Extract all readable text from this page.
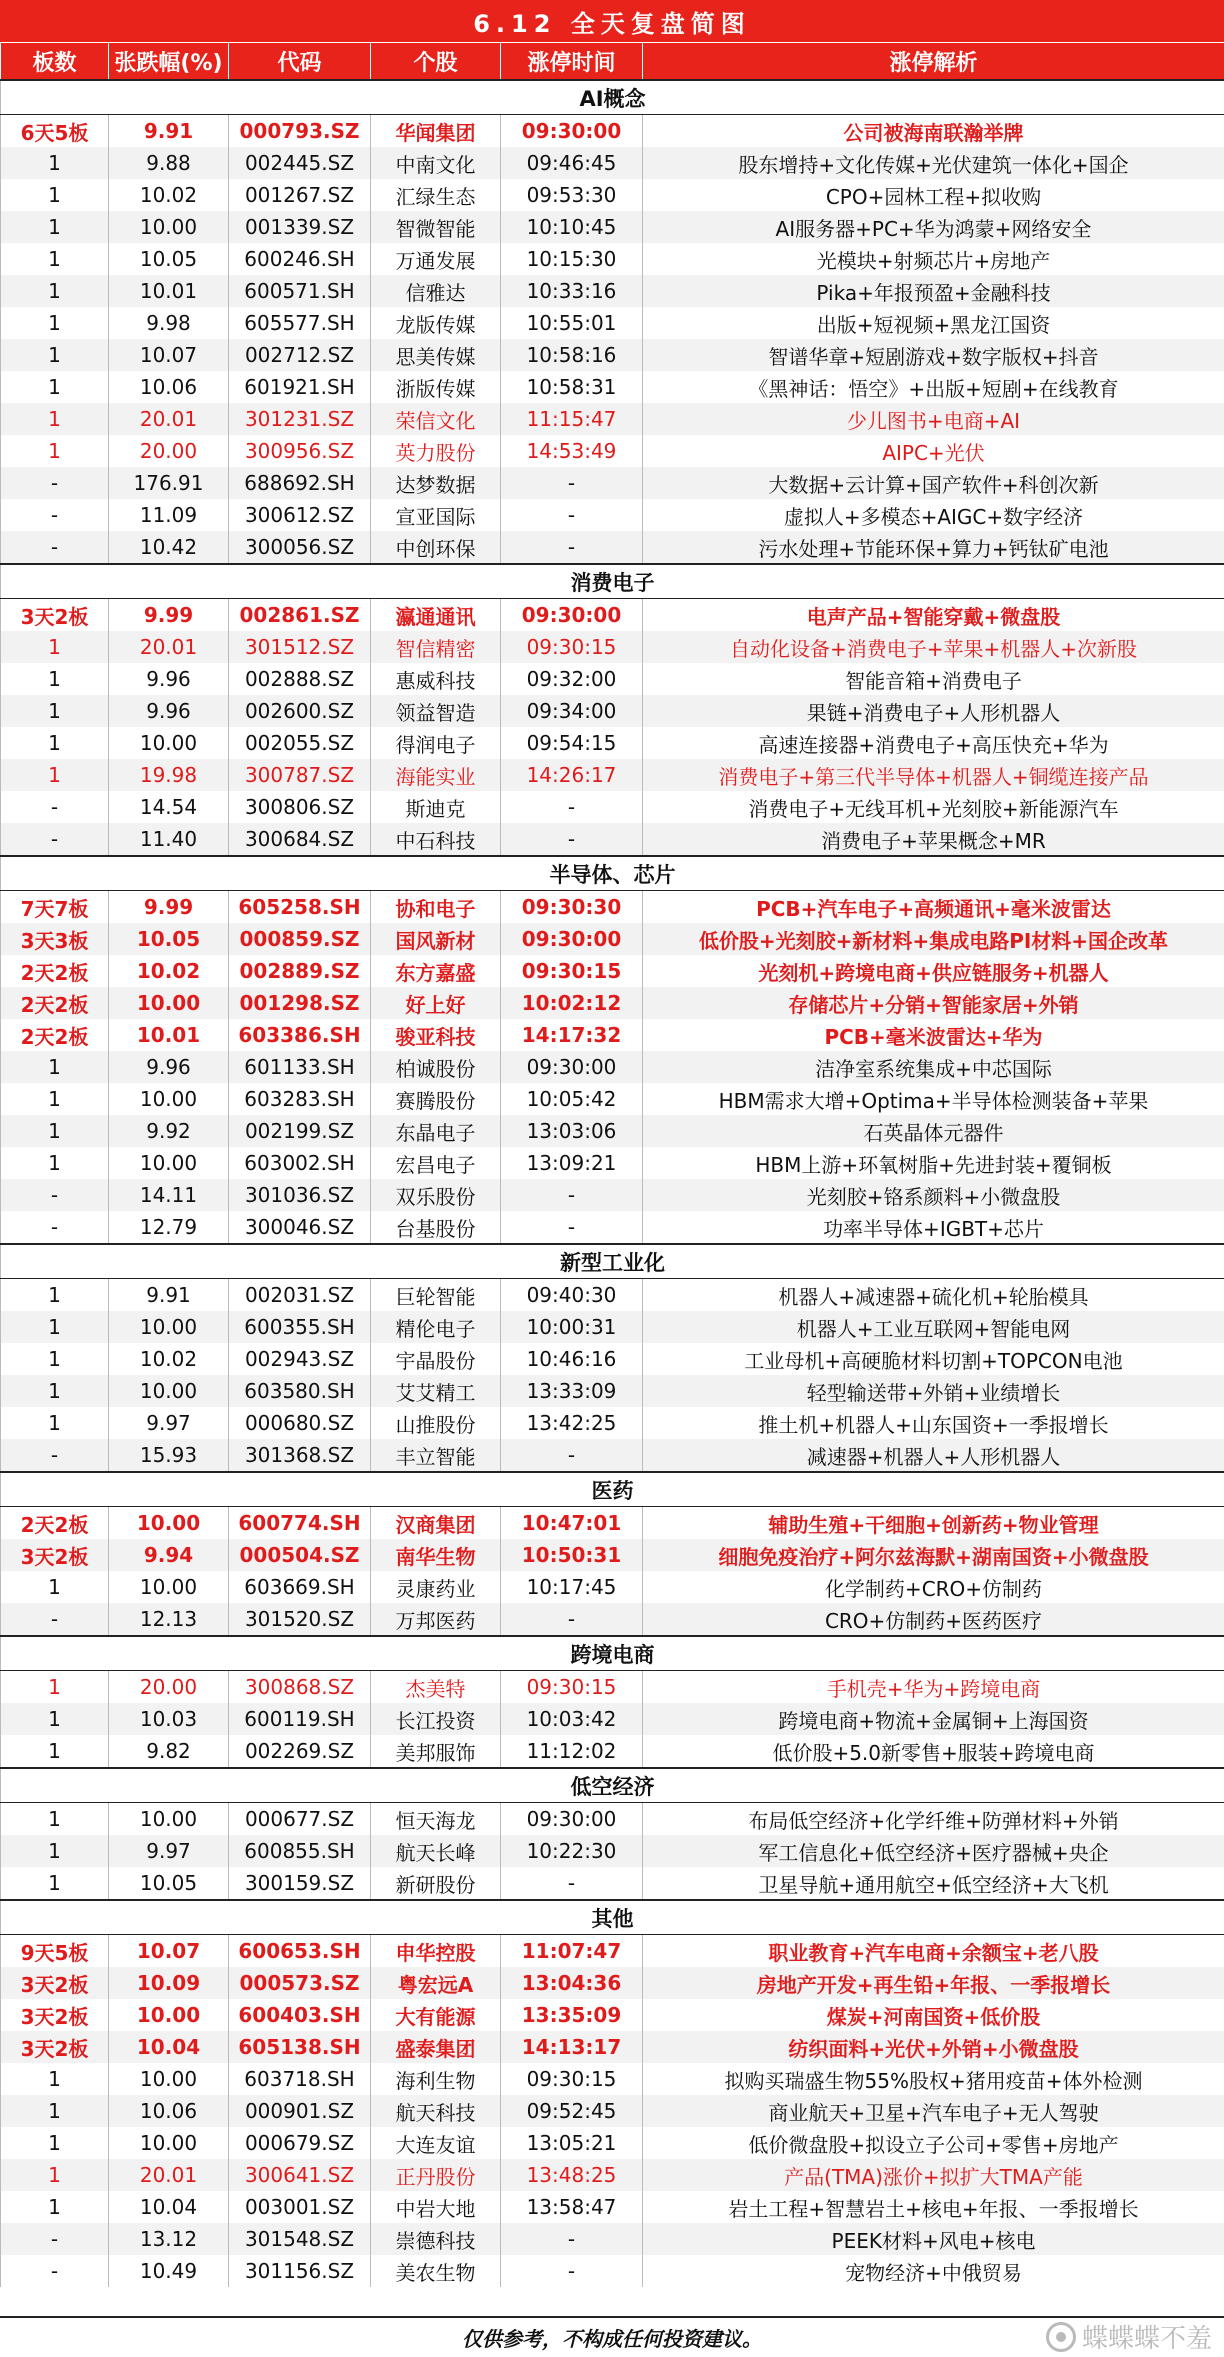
6.12 全天复盘简图
板数	张跌幅(%)	代码	个股	涨停时间	涨停解析
AI概念					
6天5板	9.91	000793.SZ	华闻集团	09:30:00	公司被海南联瀚举牌
1	9.88	002445.SZ	中南文化	09:46:45	股东增持+文化传媒+光伏建筑一体化+国企
1	10.02	001267.SZ	汇绿生态	09:53:30	CPO+园林工程+拟收购
1	10.00	001339.SZ	智微智能	10:10:45	AI服务器+PC+华为鸿蒙+网络安全
1	10.05	600246.SH	万通发展	10:15:30	光模块+射频芯片+房地产
1	10.01	600571.SH	信雅达	10:33:16	Pika+年报预盈+金融科技
1	9.98	605577.SH	龙版传媒	10:55:01	出版+短视频+黑龙江国资
1	10.07	002712.SZ	思美传媒	10:58:16	智谱华章+短剧游戏+数字版权+抖音
1	10.06	601921.SH	浙版传媒	10:58:31	《黑神话：悟空》+出版+短剧+在线教育
1	20.01	301231.SZ	荣信文化	11:15:47	少儿图书+电商+AI
1	20.00	300956.SZ	英力股份	14:53:49	AIPC+光伏
-	176.91	688692.SH	达梦数据	-	大数据+云计算+国产软件+科创次新
-	11.09	300612.SZ	宣亚国际	-	虚拟人+多模态+AIGC+数字经济
-	10.42	300056.SZ	中创环保	-	污水处理+节能环保+算力+钙钛矿电池
消费电子					
3天2板	9.99	002861.SZ	瀛通通讯	09:30:00	电声产品+智能穿戴+微盘股
1	20.01	301512.SZ	智信精密	09:30:15	自动化设备+消费电子+苹果+机器人+次新股
1	9.96	002888.SZ	惠威科技	09:32:00	智能音箱+消费电子
1	9.96	002600.SZ	领益智造	09:34:00	果链+消费电子+人形机器人
1	10.00	002055.SZ	得润电子	09:54:15	高速连接器+消费电子+高压快充+华为
1	19.98	300787.SZ	海能实业	14:26:17	消费电子+第三代半导体+机器人+铜缆连接产品
-	14.54	300806.SZ	斯迪克	-	消费电子+无线耳机+光刻胶+新能源汽车
-	11.40	300684.SZ	中石科技	-	消费电子+苹果概念+MR
半导体、芯片					
7天7板	9.99	605258.SH	协和电子	09:30:30	PCB+汽车电子+高频通讯+毫米波雷达
3天3板	10.05	000859.SZ	国风新材	09:30:00	低价股+光刻胶+新材料+集成电路PI材料+国企改革
2天2板	10.02	002889.SZ	东方嘉盛	09:30:15	光刻机+跨境电商+供应链服务+机器人
2天2板	10.00	001298.SZ	好上好	10:02:12	存储芯片+分销+智能家居+外销
2天2板	10.01	603386.SH	骏亚科技	14:17:32	PCB+毫米波雷达+华为
1	9.96	601133.SH	柏诚股份	09:30:00	洁净室系统集成+中芯国际
1	10.00	603283.SH	赛腾股份	10:05:42	HBM需求大增+Optima+半导体检测装备+苹果
1	9.92	002199.SZ	东晶电子	13:03:06	石英晶体元器件
1	10.00	603002.SH	宏昌电子	13:09:21	HBM上游+环氧树脂+先进封装+覆铜板
-	14.11	301036.SZ	双乐股份	-	光刻胶+铬系颜料+小微盘股
-	12.79	300046.SZ	台基股份	-	功率半导体+IGBT+芯片
新型工业化					
1	9.91	002031.SZ	巨轮智能	09:40:30	机器人+减速器+硫化机+轮胎模具
1	10.00	600355.SH	精伦电子	10:00:31	机器人+工业互联网+智能电网
1	10.02	002943.SZ	宇晶股份	10:46:16	工业母机+高硬脆材料切割+TOPCON电池
1	10.00	603580.SH	艾艾精工	13:33:09	轻型输送带+外销+业绩增长
1	9.97	000680.SZ	山推股份	13:42:25	推土机+机器人+山东国资+一季报增长
-	15.93	301368.SZ	丰立智能	-	减速器+机器人+人形机器人
医药					
2天2板	10.00	600774.SH	汉商集团	10:47:01	辅助生殖+干细胞+创新药+物业管理
3天2板	9.94	000504.SZ	南华生物	10:50:31	细胞免疫治疗+阿尔兹海默+湖南国资+小微盘股
1	10.00	603669.SH	灵康药业	10:17:45	化学制药+CRO+仿制药
-	12.13	301520.SZ	万邦医药	-	CRO+仿制药+医药医疗
跨境电商					
1	20.00	300868.SZ	杰美特	09:30:15	手机壳+华为+跨境电商
1	10.03	600119.SH	长江投资	10:03:42	跨境电商+物流+金属铜+上海国资
1	9.82	002269.SZ	美邦服饰	11:12:02	低价股+5.0新零售+服装+跨境电商
低空经济					
1	10.00	000677.SZ	恒天海龙	09:30:00	布局低空经济+化学纤维+防弹材料+外销
1	9.97	600855.SH	航天长峰	10:22:30	军工信息化+低空经济+医疗器械+央企
1	10.05	300159.SZ	新研股份	-	卫星导航+通用航空+低空经济+大飞机
其他					
9天5板	10.07	600653.SH	申华控股	11:07:47	职业教育+汽车电商+余额宝+老八股
3天2板	10.09	000573.SZ	粤宏远A	13:04:36	房地产开发+再生铅+年报、一季报增长
3天2板	10.00	600403.SH	大有能源	13:35:09	煤炭+河南国资+低价股
3天2板	10.04	605138.SH	盛泰集团	14:13:17	纺织面料+光伏+外销+小微盘股
1	10.00	603718.SH	海利生物	09:30:15	拟购买瑞盛生物55%股权+猪用疫苗+体外检测
1	10.06	000901.SZ	航天科技	09:52:45	商业航天+卫星+汽车电子+无人驾驶
1	10.00	000679.SZ	大连友谊	13:05:21	低价微盘股+拟设立子公司+零售+房地产
1	20.01	300641.SZ	正丹股份	13:48:25	产品(TMA)涨价+拟扩大TMA产能
1	10.04	003001.SZ	中岩大地	13:58:47	岩土工程+智慧岩土+核电+年报、一季报增长
-	13.12	301548.SZ	崇德科技	-	PEEK材料+风电+核电
-	10.49	301156.SZ	美农生物	-	宠物经济+中俄贸易
仅供参考，不构成任何投资建议。	蝶蝶蝶不羞
